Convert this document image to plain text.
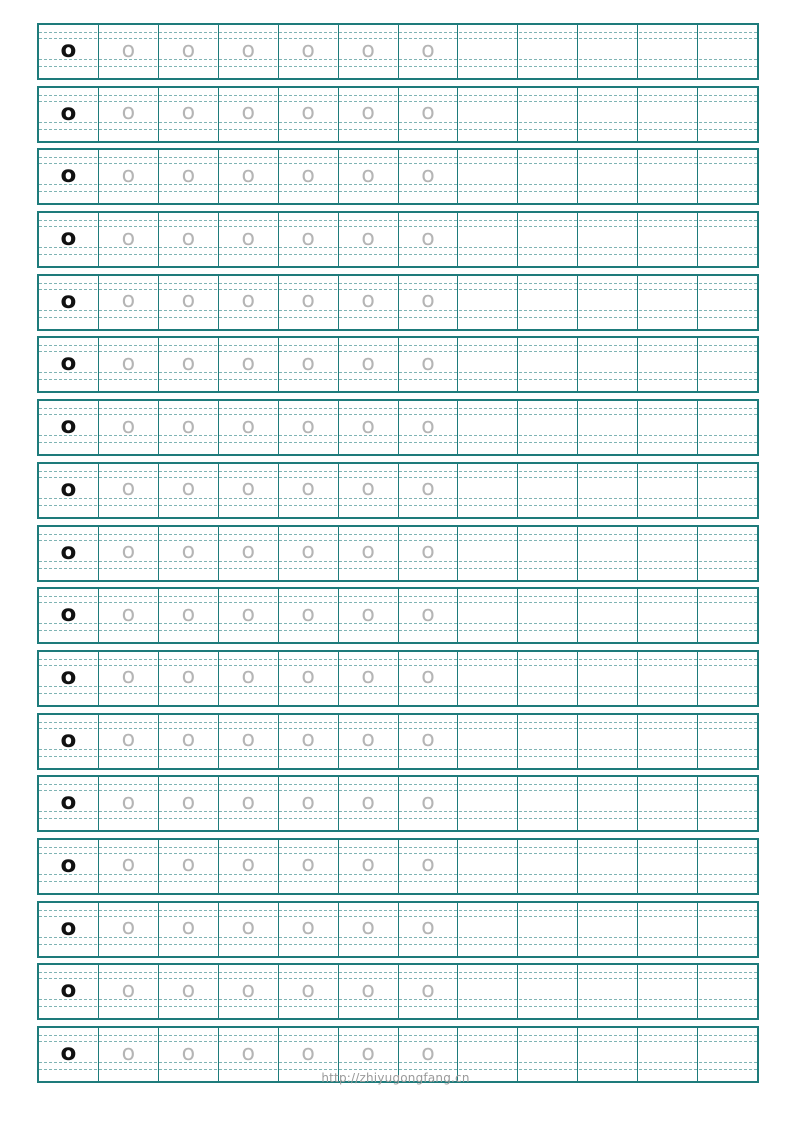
o o o o o o o
o o o o o o o
o o o o o o o
o o o o o o o
o o o o o o o
o o o o o o o
o o o o o o o
o o o o o o o
o o o o o o o
o o o o o o o
o o o o o o o
o o o o o o o
o o o o o o o
o o o o o o o
o o o o o o o
o o o o o o o
o o o o o o o
http://zhiyugongfang.cn
